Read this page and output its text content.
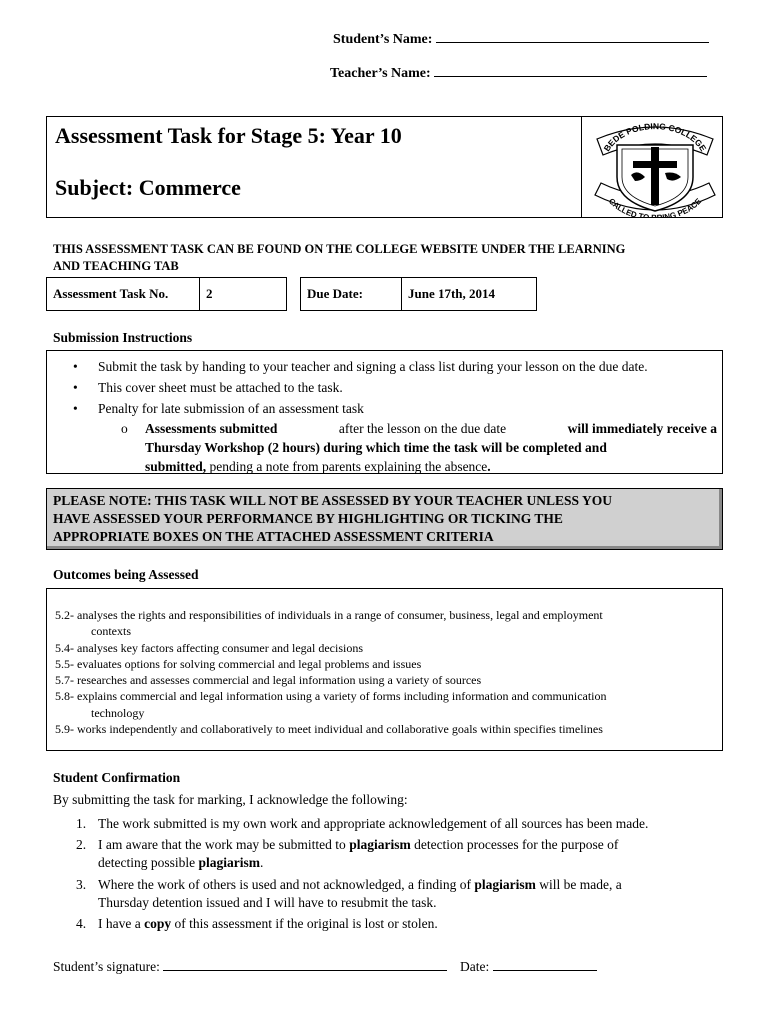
Student’s Name:
Teacher’s Name:
Assessment Task for Stage 5: Year 10
Subject: Commerce
BEDE POLDING COLLEGE
CALLED T NG PEACE
THIS ASSESSMENT TASK CAN BE FOUND ON THE COLLEGE WEBSITE UNDER THE LEARNING
AND TEACHING TAB
Assessment Task No.	2	Due Date:	June 17th, 2014
Submission Instructions
• Submit the task by handing to your teacher and signing a class list during your lesson on the due date.
• This cover sheet must be attached to the task.
• Penalty for late submission of an assessment task
o Assessments submitted	after the lesson on the due date	will immediately receive a
Thursday Workshop (2 hours) during which time the task will be completed and
submitted, pending a note from parents explaining the absence.
PLEASE NOTE: THIS TASK WILL NOT BE ASSESSED BY YOUR TEACHER UNLESS YOU
HAVE ASSESSED YOUR PERFORMANCE BY HIGHLIGHTING OR TICKING THE
APPROPRIATE BOXES ON THE ATTACHED ASSESSMENT CRITERIA
Outcomes being Assessed

5.2- analyses the rights and responsibilities of individuals in a range of consumer, business, legal and employment
contexts

5.4- analyses key factors affecting consumer and legal decisions

5.5- evaluates options for solving commercial and legal problems and issues

5.7- researches and assesses commercial and legal information using a variety of sources

5.8- explains commercial and legal information using a variety of forms including information and communication
technology

5.9- works independently and collaboratively to meet individual and collaborative goals within specifies timelines

Student Confirmation
By submitting the task for marking, I acknowledge the following:
1. The work submitted is my own work and appropriate acknowledgement of all sources has been made.
2. I am aware that the work may be submitted to plagiarism detection processes for the purpose of
detecting possible plagiarism.
3. Where the work of others is used and not acknowledged, a finding of plagiarism will be made, a
Thursday detention issued and I will have to resubmit the task.
4. I have a copy of this assessment if the original is lost or stolen.
Student’s signature:	Date:
